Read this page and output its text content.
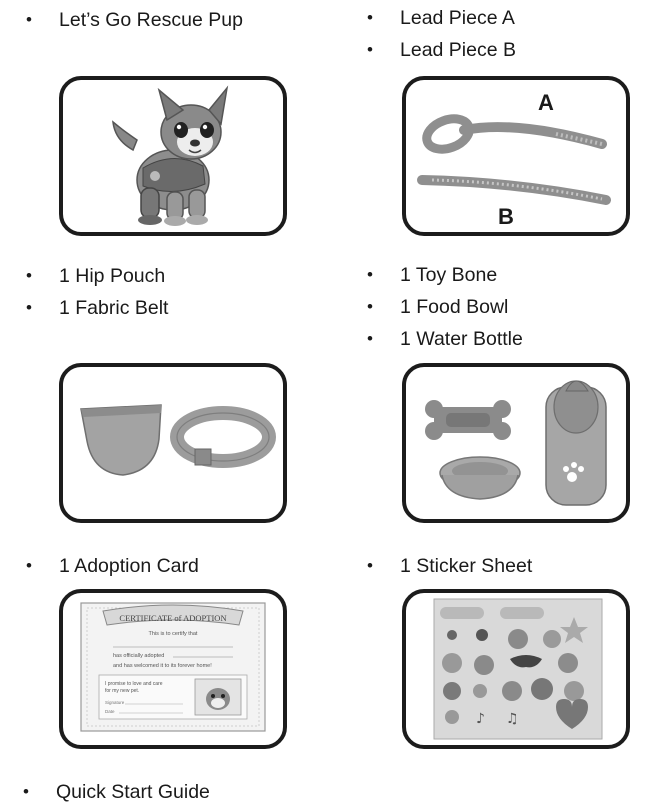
• Let’s Go Rescue Pup	• Lead Piece A
• Lead Piece B
A
B
• 1 Hip Pouch
• 1 Fabric Belt
• 1 Toy Bone
• 1 Food Bowl
• 1 Water Bottle
• 1 Adoption Card	• 1 Sticker Sheet
CERTIFICATE of ADOPTION
This is to certify that
has officially adopted
and has welcomed it to its forever home!
I promise to love and care
for my new pet.
Signature
Date	♪ ♫
• Quick Start Guide
